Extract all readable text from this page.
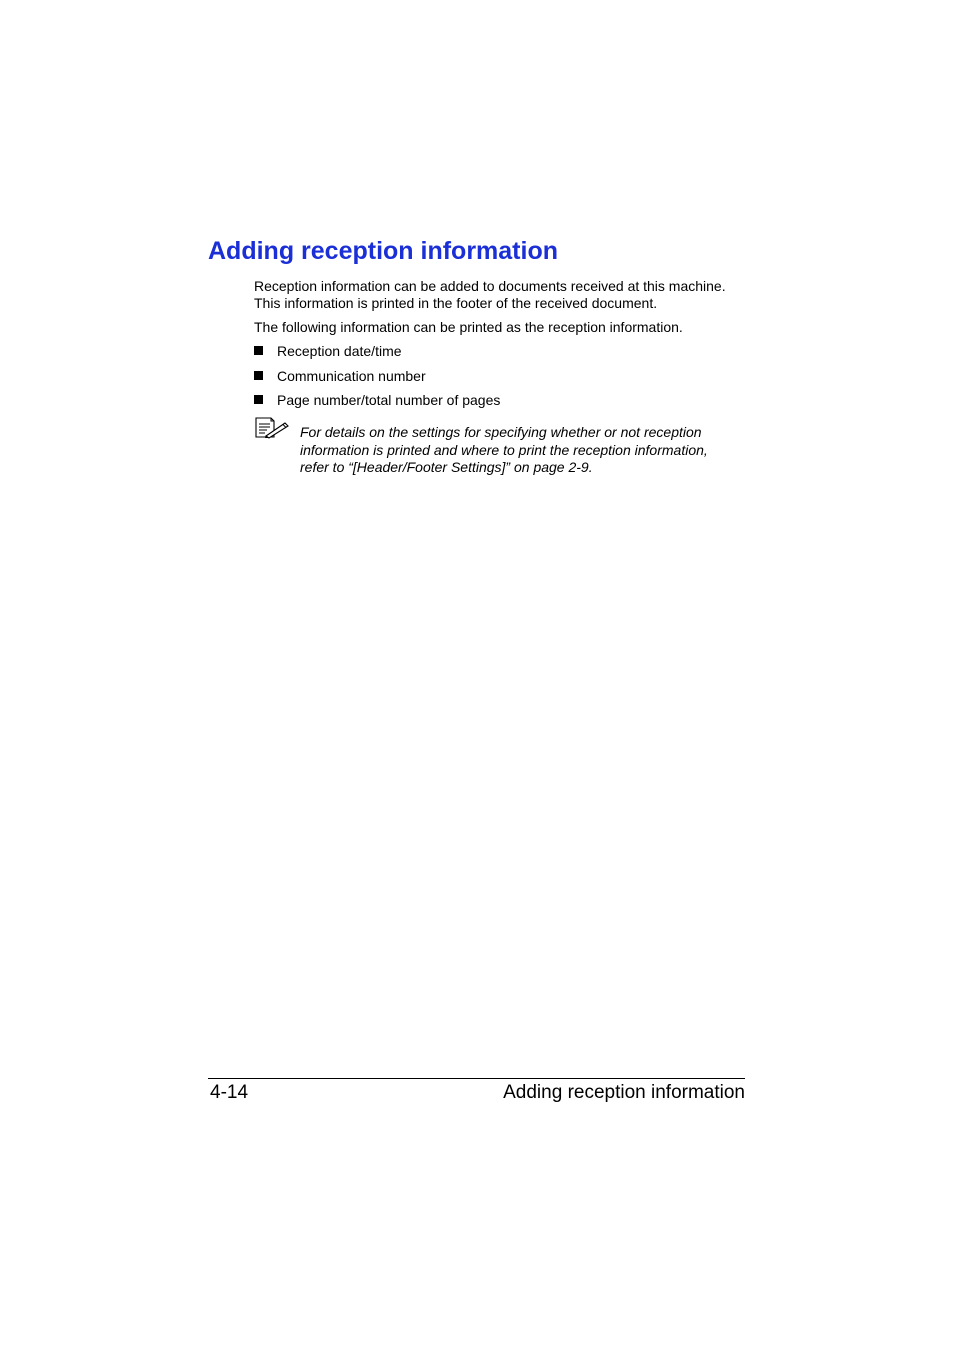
Adding reception information

Reception information can be added to documents received at this machine.
This information is printed in the footer of the received document.

The following information can be printed as the reception information.

Reception date/time
Communication number
Page number/total number of pages

For details on the settings for specifying whether or not reception
information is printed and where to print the reception information,
refer to “[Header/Footer Settings]” on page 2-9.

4-14	Adding reception information
